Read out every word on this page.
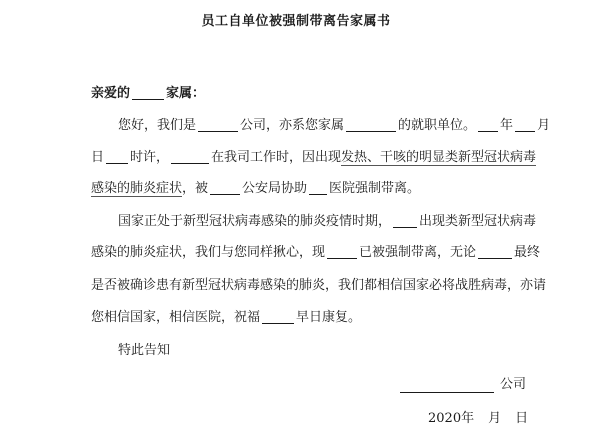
员工自单位被强制带离告家属书
亲爱的	家属：
您好，我们是	公司，亦系您家属	的就职单位。 年 月
日 时许，	在我司工作时，因出现发热、干咳的明显类新型冠状病毒
感染的肺炎症状，被	公安局协助 医院强制带离。
国家正处于新型冠状病毒感染的肺炎疫情时期， 出现类新型冠状病毒
感染的肺炎症状，我们与您同样揪心，现	已被强制带离，无论	最终
是否被确诊患有新型冠状病毒感染的肺炎，我们都相信国家必将战胜病毒，亦请
您相信国家，相信医院，祝福	早日康复。
特此告知
公司
2020年 月 日
